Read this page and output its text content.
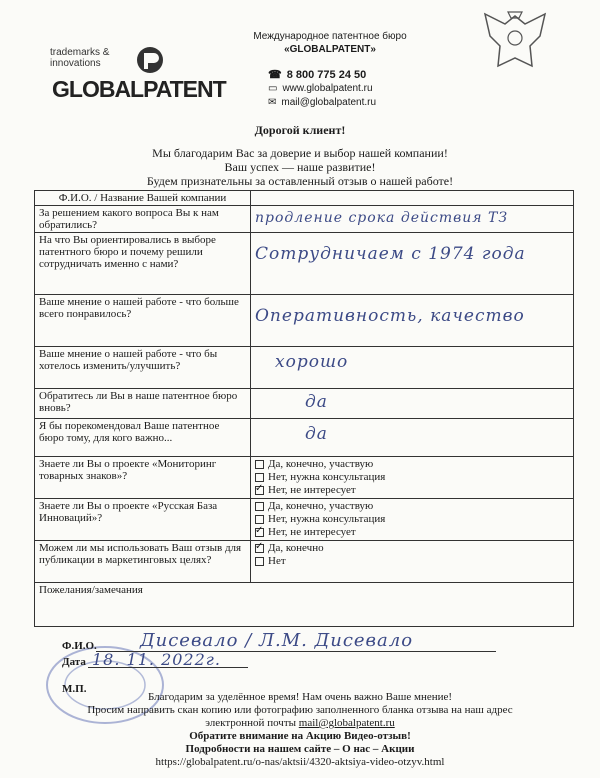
trademarks &
innovations
GLOBALPATENT
Международное патентное бюро
«GLOBALPATENT»
☎ 8 800 775 24 50
▭ www.globalpatent.ru
✉ mail@globalpatent.ru
Дорогой клиент!
Мы благодарим Вас за доверие и выбор нашей компании!
Ваш успех — наше развитие!
Будем признательны за оставленный отзыв о нашей работе!
Ф.И.О. / Название Вашей компании	
За решением какого вопроса Вы к нам обратились?	продление срока действия ТЗ

На что Вы ориентировались в выборе патентного бюро и почему решили сотрудничать именно с нами?	Сотрудничаем с 1974 года

Ваше мнение о нашей работе - что больше всего понравилось?	Оперативность, качество

Ваше мнение о нашей работе - что бы хотелось изменить/улучшить?	хорошо

Обратитесь ли Вы в наше патентное бюро вновь?	да

Я бы порекомендовал Ваше патентное бюро тому, для кого важно...	да

Знаете ли Вы о проекте «Мониторинг товарных знаков»?	Да, конечно, участвую
Нет, нужна консультация
✓
Нет, не интересует

Знаете ли Вы о проекте «Русская База Инноваций»?	Да, конечно, участвую
Нет, нужна консультация
✓
Нет, не интересует

Можем ли мы использовать Ваш отзыв для публикации в маркетинговых целях?	
✓
Да, конечно
Нет

Пожелания/замечания	
Ф.И.О. Дисевало / Л.М. Дисевало
Дата 18. 11. 2022г.
М.П.
Благодарим за уделённое время! Нам очень важно Ваше мнение!
Просим направить скан копию или фотографию заполненного бланка отзыва на наш адрес
электронной почты mail@globalpatent.ru
Обратите внимание на Акцию Видео-отзыв!
Подробности на нашем сайте – О нас – Акции
https://globalpatent.ru/o-nas/aktsii/4320-aktsiya-video-otzyv.html
